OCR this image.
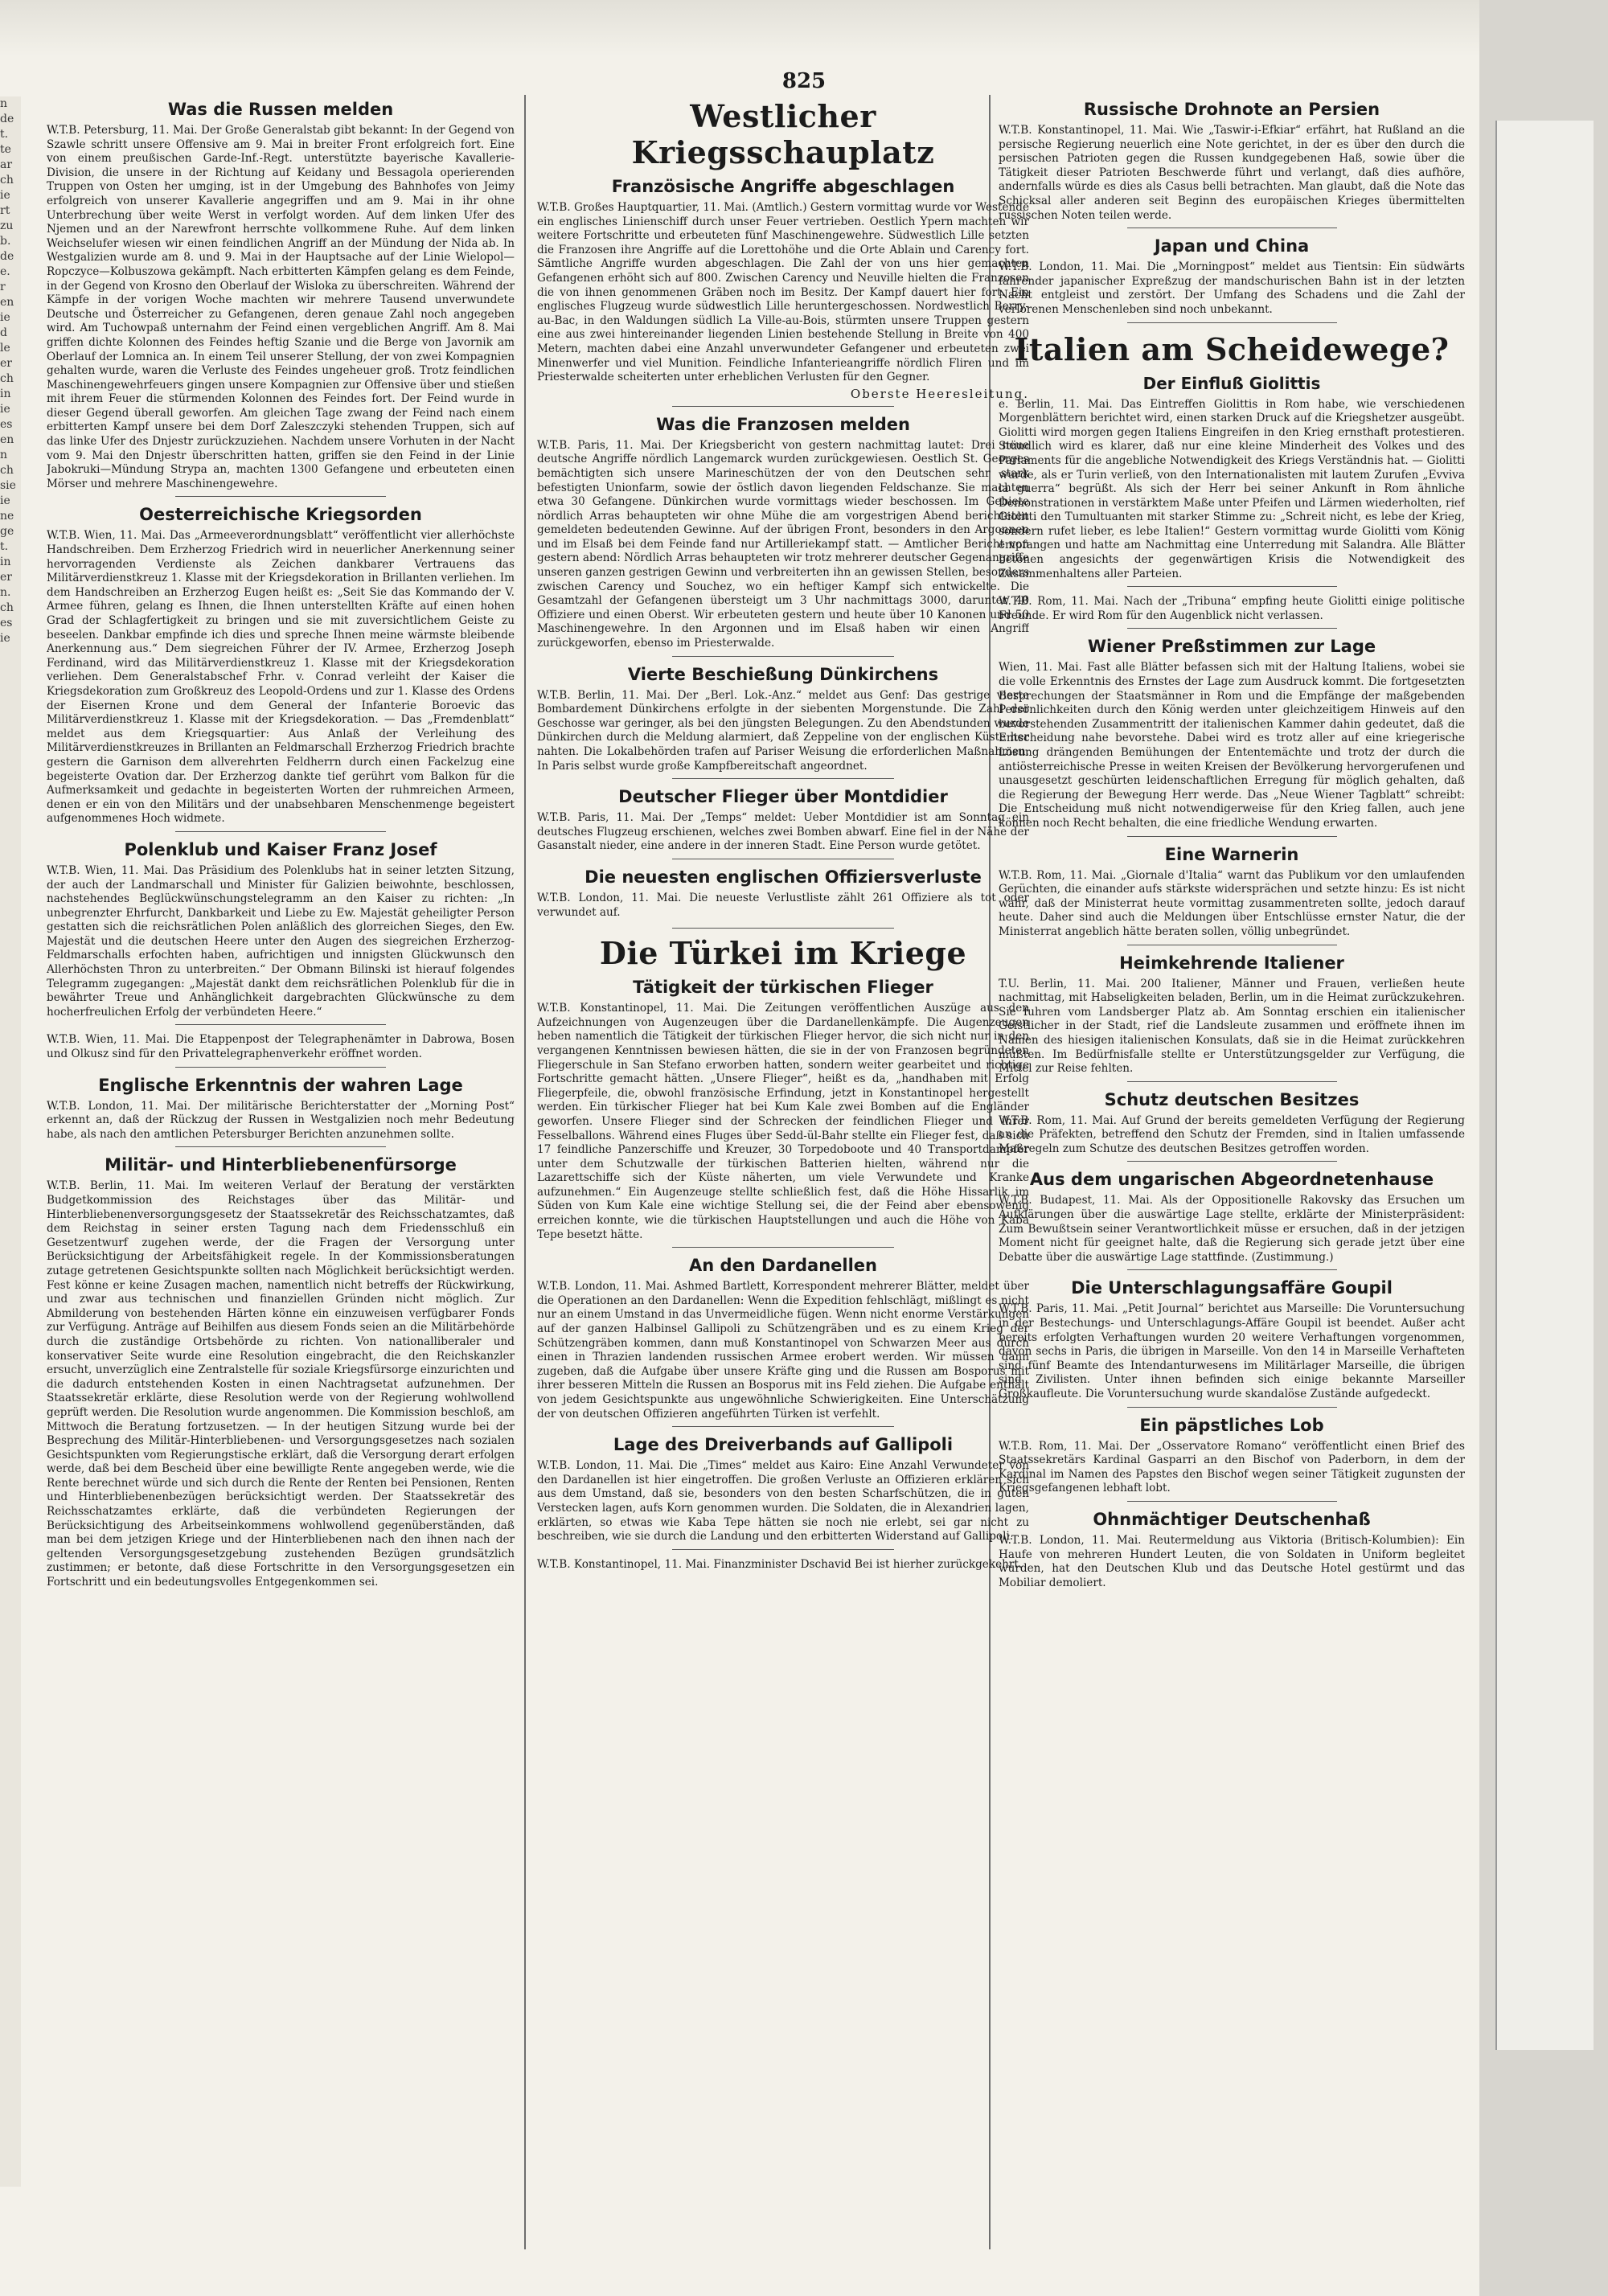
n
de
t.
te
ar
ch
ie
rt
zu
b.
de
e.
r
en
ie
d
le
er
ch
in
ie
es
en
n
ch
sie
ie
ne
ge
t.
in
er
n.
ch
es
ie
825
Was die Russen melden

W.T.B. Petersburg, 11. Mai. Der Große Generalstab gibt bekannt: In der Gegend von Szawle schritt unsere Offensive am 9. Mai in breiter Front erfolgreich fort. Eine von einem preußischen Garde-Inf.-Regt. unterstützte bayerische Kavallerie-Division, die unsere in der Richtung auf Keidany und Bessagola operierenden Truppen von Osten her umging, ist in der Umgebung des Bahnhofes von Jeimy erfolgreich von unserer Kavallerie angegriffen und am 9. Mai in ihr ohne Unterbrechung über weite Werst in verfolgt worden. Auf dem linken Ufer des Njemen und an der Narewfront herrschte vollkommene Ruhe. Auf dem linken Weichselufer wiesen wir einen feindlichen Angriff an der Mündung der Nida ab. In Westgalizien wurde am 8. und 9. Mai in der Hauptsache auf der Linie Wielopol—Ropczyce—Kolbuszowa gekämpft. Nach erbitterten Kämpfen gelang es dem Feinde, in der Gegend von Krosno den Oberlauf der Wisloka zu überschreiten. Während der Kämpfe in der vorigen Woche machten wir mehrere Tausend unverwundete Deutsche und Österreicher zu Gefangenen, deren genaue Zahl noch angegeben wird. Am Tuchowpaß unternahm der Feind einen vergeblichen Angriff. Am 8. Mai griffen dichte Kolonnen des Feindes heftig Szanie und die Berge von Javornik am Oberlauf der Lomnica an. In einem Teil unserer Stellung, der von zwei Kompagnien gehalten wurde, waren die Verluste des Feindes ungeheuer groß. Trotz feindlichen Maschinengewehrfeuers gingen unsere Kompagnien zur Offensive über und stießen mit ihrem Feuer die stürmenden Kolonnen des Feindes fort. Der Feind wurde in dieser Gegend überall geworfen. Am gleichen Tage zwang der Feind nach einem erbitterten Kampf unsere bei dem Dorf Zaleszczyki stehenden Truppen, sich auf das linke Ufer des Dnjestr zurückzuziehen. Nachdem unsere Vorhuten in der Nacht vom 9. Mai den Dnjestr überschritten hatten, griffen sie den Feind in der Linie Jabokruki—Mündung Strypa an, machten 1300 Gefangene und erbeuteten einen Mörser und mehrere Maschinengewehre.

Oesterreichische Kriegsorden

W.T.B. Wien, 11. Mai. Das „Armeeverordnungsblatt“ veröffentlicht vier allerhöchste Handschreiben. Dem Erzherzog Friedrich wird in neuerlicher Anerkennung seiner hervorragenden Verdienste als Zeichen dankbarer Vertrauens das Militärverdienstkreuz 1. Klasse mit der Kriegsdekoration in Brillanten verliehen. Im dem Handschreiben an Erzherzog Eugen heißt es: „Seit Sie das Kommando der V. Armee führen, gelang es Ihnen, die Ihnen unterstellten Kräfte auf einen hohen Grad der Schlagfertigkeit zu bringen und sie mit zuversichtlichem Geiste zu beseelen. Dankbar empfinde ich dies und spreche Ihnen meine wärmste bleibende Anerkennung aus.“ Dem siegreichen Führer der IV. Armee, Erzherzog Joseph Ferdinand, wird das Militärverdienstkreuz 1. Klasse mit der Kriegsdekoration verliehen. Dem Generalstabschef Frhr. v. Conrad verleiht der Kaiser die Kriegsdekoration zum Großkreuz des Leopold-Ordens und zur 1. Klasse des Ordens der Eisernen Krone und dem General der Infanterie Boroevic das Militärverdienstkreuz 1. Klasse mit der Kriegsdekoration. — Das „Fremdenblatt“ meldet aus dem Kriegsquartier: Aus Anlaß der Verleihung des Militärverdienstkreuzes in Brillanten an Feldmarschall Erzherzog Friedrich brachte gestern die Garnison dem allverehrten Feldherrn durch einen Fackelzug eine begeisterte Ovation dar. Der Erzherzog dankte tief gerührt vom Balkon für die Aufmerksamkeit und gedachte in begeisterten Worten der ruhmreichen Armeen, denen er ein von den Militärs und der unabsehbaren Menschenmenge begeistert aufgenommenes Hoch widmete.

Polenklub und Kaiser Franz Josef

W.T.B. Wien, 11. Mai. Das Präsidium des Polenklubs hat in seiner letzten Sitzung, der auch der Landmarschall und Minister für Galizien beiwohnte, beschlossen, nachstehendes Beglückwünschungstelegramm an den Kaiser zu richten: „In unbegrenzter Ehrfurcht, Dankbarkeit und Liebe zu Ew. Majestät geheiligter Person gestatten sich die reichsrätlichen Polen anläßlich des glorreichen Sieges, den Ew. Majestät und die deutschen Heere unter den Augen des siegreichen Erzherzog-Feldmarschalls erfochten haben, aufrichtigen und innigsten Glückwunsch den Allerhöchsten Thron zu unterbreiten.“ Der Obmann Bilinski ist hierauf folgendes Telegramm zugegangen: „Majestät dankt dem reichsrätlichen Polenklub für die in bewährter Treue und Anhänglichkeit dargebrachten Glückwünsche zu dem hocherfreulichen Erfolg der verbündeten Heere.“

W.T.B. Wien, 11. Mai. Die Etappenpost der Telegraphenämter in Dabrowa, Bosen und Olkusz sind für den Privattelegraphenverkehr eröffnet worden.

Englische Erkenntnis der wahren Lage

W.T.B. London, 11. Mai. Der militärische Berichterstatter der „Morning Post“ erkennt an, daß der Rückzug der Russen in Westgalizien noch mehr Bedeutung habe, als nach den amtlichen Petersburger Berichten anzunehmen sollte.

Militär- und Hinterbliebenenfürsorge

W.T.B. Berlin, 11. Mai. Im weiteren Verlauf der Beratung der verstärkten Budgetkommission des Reichstages über das Militär- und Hinterbliebenenversorgungsgesetz der Staatssekretär des Reichsschatzamtes, daß dem Reichstag in seiner ersten Tagung nach dem Friedensschluß ein Gesetzentwurf zugehen werde, der die Fragen der Versorgung unter Berücksichtigung der Arbeitsfähigkeit regele. In der Kommissionsberatungen zutage getretenen Gesichtspunkte sollten nach Möglichkeit berücksichtigt werden. Fest könne er keine Zusagen machen, namentlich nicht betreffs der Rückwirkung, und zwar aus technischen und finanziellen Gründen nicht möglich. Zur Abmilderung von bestehenden Härten könne ein einzuweisen verfügbarer Fonds zur Verfügung. Anträge auf Beihilfen aus diesem Fonds seien an die Militärbehörde durch die zuständige Ortsbehörde zu richten. Von nationalliberaler und konservativer Seite wurde eine Resolution eingebracht, die den Reichskanzler ersucht, unverzüglich eine Zentralstelle für soziale Kriegsfürsorge einzurichten und die dadurch entstehenden Kosten in einen Nachtragsetat aufzunehmen. Der Staatssekretär erklärte, diese Resolution werde von der Regierung wohlwollend geprüft werden. Die Resolution wurde angenommen. Die Kommission beschloß, am Mittwoch die Beratung fortzusetzen. — In der heutigen Sitzung wurde bei der Besprechung des Militär-Hinterbliebenen- und Versorgungsgesetzes nach sozialen Gesichtspunkten vom Regierungstische erklärt, daß die Versorgung derart erfolgen werde, daß bei dem Bescheid über eine bewilligte Rente angegeben werde, wie die Rente berechnet würde und sich durch die Rente der Renten bei Pensionen, Renten und Hinterbliebenenbezügen berücksichtigt werden. Der Staatssekretär des Reichsschatzamtes erklärte, daß die verbündeten Regierungen der Berücksichtigung des Arbeitseinkommens wohlwollend gegenüberständen, daß man bei dem jetzigen Kriege und der Hinterbliebenen nach den ihnen nach der geltenden Versorgungsgesetzgebung zustehenden Bezügen grundsätzlich zustimmen; er betonte, daß diese Fortschritte in den Versorgungsgesetzen ein Fortschritt und ein bedeutungsvolles Entgegenkommen sei.

Westlicher Kriegsschauplatz
Französische Angriffe abgeschlagen

W.T.B. Großes Hauptquartier, 11. Mai. (Amtlich.) Gestern vormittag wurde vor Westende ein englisches Linienschiff durch unser Feuer vertrieben. Oestlich Ypern machten wir weitere Fortschritte und erbeuteten fünf Maschinengewehre. Südwestlich Lille setzten die Franzosen ihre Angriffe auf die Lorettohöhe und die Orte Ablain und Carency fort. Sämtliche Angriffe wurden abgeschlagen. Die Zahl der von uns hier gemachten Gefangenen erhöht sich auf 800. Zwischen Carency und Neuville hielten die Franzosen die von ihnen genommenen Gräben noch im Besitz. Der Kampf dauert hier fort. Ein englisches Flugzeug wurde südwestlich Lille heruntergeschossen. Nordwestlich Berry-au-Bac, in den Waldungen südlich La Ville-au-Bois, stürmten unsere Truppen gestern eine aus zwei hintereinander liegenden Linien bestehende Stellung in Breite von 400 Metern, machten dabei eine Anzahl unverwundeter Gefangener und erbeuteten zwei Minenwerfer und viel Munition. Feindliche Infanterieangriffe nördlich Fliren und im Priesterwalde scheiterten unter erheblichen Verlusten für den Gegner.

Oberste Heeresleitung.
Was die Franzosen melden

W.T.B. Paris, 11. Mai. Der Kriegsbericht von gestern nachmittag lautet: Drei neue deutsche Angriffe nördlich Langemarck wurden zurückgewiesen. Oestlich St. Georges bemächtigten sich unsere Marineschützen der von den Deutschen sehr stark befestigten Unionfarm, sowie der östlich davon liegenden Feldschanze. Sie machten etwa 30 Gefangene. Dünkirchen wurde vormittags wieder beschossen. Im Gebiete nördlich Arras behaupteten wir ohne Mühe die am vorgestrigen Abend berichteten gemeldeten bedeutenden Gewinne. Auf der übrigen Front, besonders in den Argonnen und im Elsaß bei dem Feinde fand nur Artilleriekampf statt. — Amtlicher Bericht von gestern abend: Nördlich Arras behaupteten wir trotz mehrerer deutscher Gegenangriffe unseren ganzen gestrigen Gewinn und verbreiterten ihn an gewissen Stellen, besonders zwischen Carency und Souchez, wo ein heftiger Kampf sich entwickelte. Die Gesamtzahl der Gefangenen übersteigt um 3 Uhr nachmittags 3000, darunter 40 Offiziere und einen Oberst. Wir erbeuteten gestern und heute über 10 Kanonen und 50 Maschinengewehre. In den Argonnen und im Elsaß haben wir einen Angriff zurückgeworfen, ebenso im Priesterwalde.

Vierte Beschießung Dünkirchens

W.T.B. Berlin, 11. Mai. Der „Berl. Lok.-Anz.“ meldet aus Genf: Das gestrige vierte Bombardement Dünkirchens erfolgte in der siebenten Morgenstunde. Die Zahl der Geschosse war geringer, als bei den jüngsten Belegungen. Zu den Abendstunden wurde Dünkirchen durch die Meldung alarmiert, daß Zeppeline von der englischen Küste her nahten. Die Lokalbehörden trafen auf Pariser Weisung die erforderlichen Maßnahmen. In Paris selbst wurde große Kampfbereitschaft angeordnet.

Deutscher Flieger über Montdidier

W.T.B. Paris, 11. Mai. Der „Temps“ meldet: Ueber Montdidier ist am Sonntag ein deutsches Flugzeug erschienen, welches zwei Bomben abwarf. Eine fiel in der Nähe der Gasanstalt nieder, eine andere in der inneren Stadt. Eine Person wurde getötet.

Die neuesten englischen Offiziersverluste

W.T.B. London, 11. Mai. Die neueste Verlustliste zählt 261 Offiziere als tot oder verwundet auf.

Die Türkei im Kriege
Tätigkeit der türkischen Flieger

W.T.B. Konstantinopel, 11. Mai. Die Zeitungen veröffentlichen Auszüge aus den Aufzeichnungen von Augenzeugen über die Dardanellenkämpfe. Die Augenzeugen heben namentlich die Tätigkeit der türkischen Flieger hervor, die sich nicht nur in den vergangenen Kenntnissen bewiesen hätten, die sie in der von Franzosen begründeten Fliegerschule in San Stefano erworben hatten, sondern weiter gearbeitet und richtige Fortschritte gemacht hätten. „Unsere Flieger“, heißt es da, „handhaben mit Erfolg Fliegerpfeile, die, obwohl französische Erfindung, jetzt in Konstantinopel hergestellt werden. Ein türkischer Flieger hat bei Kum Kale zwei Bomben auf die Engländer geworfen. Unsere Flieger sind der Schrecken der feindlichen Flieger und ihrer Fesselballons. Während eines Fluges über Sedd-ül-Bahr stellte ein Flieger fest, daß sich 17 feindliche Panzerschiffe und Kreuzer, 30 Torpedoboote und 40 Transportdampfer unter dem Schutzwalle der türkischen Batterien hielten, während nur die Lazarettschiffe sich der Küste näherten, um viele Verwundete und Kranke aufzunehmen.“ Ein Augenzeuge stellte schließlich fest, daß die Höhe Hissarlik im Süden von Kum Kale eine wichtige Stellung sei, die der Feind aber ebensowenig erreichen konnte, wie die türkischen Hauptstellungen und auch die Höhe von Kaba Tepe besetzt hätte.

An den Dardanellen

W.T.B. London, 11. Mai. Ashmed Bartlett, Korrespondent mehrerer Blätter, meldet über die Operationen an den Dardanellen: Wenn die Expedition fehlschlägt, mißlingt es nicht nur an einem Umstand in das Unvermeidliche fügen. Wenn nicht enorme Verstärkungen auf der ganzen Halbinsel Gallipoli zu Schützengräben und es zu einem Krieg der Schützengräben kommen, dann muß Konstantinopel von Schwarzen Meer aus durch einen in Thrazien landenden russischen Armee erobert werden. Wir müssen dann zugeben, daß die Aufgabe über unsere Kräfte ging und die Russen am Bosporus mit ihrer besseren Mitteln die Russen an Bosporus mit ins Feld ziehen. Die Aufgabe enthält von jedem Gesichtspunkte aus ungewöhnliche Schwierigkeiten. Eine Unterschätzung der von deutschen Offizieren angeführten Türken ist verfehlt.

Lage des Dreiverbands auf Gallipoli

W.T.B. London, 11. Mai. Die „Times“ meldet aus Kairo: Eine Anzahl Verwundeter von den Dardanellen ist hier eingetroffen. Die großen Verluste an Offizieren erklären sich aus dem Umstand, daß sie, besonders von den besten Scharfschützen, die in guten Verstecken lagen, aufs Korn genommen wurden. Die Soldaten, die in Alexandrien lagen, erklärten, so etwas wie Kaba Tepe hätten sie noch nie erlebt, sei gar nicht zu beschreiben, wie sie durch die Landung und den erbitterten Widerstand auf Gallipoli.

W.T.B. Konstantinopel, 11. Mai. Finanzminister Dschavid Bei ist hierher zurückgekehrt.

Russische Drohnote an Persien

W.T.B. Konstantinopel, 11. Mai. Wie „Taswir-i-Efkiar“ erfährt, hat Rußland an die persische Regierung neuerlich eine Note gerichtet, in der es über den durch die persischen Patrioten gegen die Russen kundgegebenen Haß, sowie über die Tätigkeit dieser Patrioten Beschwerde führt und verlangt, daß dies aufhöre, andernfalls würde es dies als Casus belli betrachten. Man glaubt, daß die Note das Schicksal aller anderen seit Beginn des europäischen Krieges übermittelten russischen Noten teilen werde.

Japan und China

W.T.B. London, 11. Mai. Die „Morningpost“ meldet aus Tientsin: Ein südwärts fahrender japanischer Expreßzug der mandschurischen Bahn ist in der letzten Nacht entgleist und zerstört. Der Umfang des Schadens und die Zahl der verlorenen Menschenleben sind noch unbekannt.

Italien am Scheidewege?
Der Einfluß Giolittis

e. Berlin, 11. Mai. Das Eintreffen Giolittis in Rom habe, wie verschiedenen Morgenblättern berichtet wird, einen starken Druck auf die Kriegshetzer ausgeübt. Giolitti wird morgen gegen Italiens Eingreifen in den Krieg ernsthaft protestieren. Stündlich wird es klarer, daß nur eine kleine Minderheit des Volkes und des Parlaments für die angebliche Notwendigkeit des Kriegs Verständnis hat. — Giolitti wurde, als er Turin verließ, von den Internationalisten mit lautem Zurufen „Evviva la guerra“ begrüßt. Als sich der Herr bei seiner Ankunft in Rom ähnliche Demonstrationen in verstärktem Maße unter Pfeifen und Lärmen wiederholten, rief Giolitti den Tumultuanten mit starker Stimme zu: „Schreit nicht, es lebe der Krieg, sondern rufet lieber, es lebe Italien!“ Gestern vormittag wurde Giolitti vom König empfangen und hatte am Nachmittag eine Unterredung mit Salandra. Alle Blätter betonen angesichts der gegenwärtigen Krisis die Notwendigkeit des Zusammenhaltens aller Parteien.

W.T.B. Rom, 11. Mai. Nach der „Tribuna“ empfing heute Giolitti einige politische Freunde. Er wird Rom für den Augenblick nicht verlassen.

Wiener Preßstimmen zur Lage

Wien, 11. Mai. Fast alle Blätter befassen sich mit der Haltung Italiens, wobei sie die volle Erkenntnis des Ernstes der Lage zum Ausdruck kommt. Die fortgesetzten Besprechungen der Staatsmänner in Rom und die Empfänge der maßgebenden Persönlichkeiten durch den König werden unter gleichzeitigem Hinweis auf den bevorstehenden Zusammentritt der italienischen Kammer dahin gedeutet, daß die Entscheidung nahe bevorstehe. Dabei wird es trotz aller auf eine kriegerische Lösung drängenden Bemühungen der Ententemächte und trotz der durch die antiösterreichische Presse in weiten Kreisen der Bevölkerung hervorgerufenen und unausgesetzt geschürten leidenschaftlichen Erregung für möglich gehalten, daß die Regierung der Bewegung Herr werde. Das „Neue Wiener Tagblatt“ schreibt: Die Entscheidung muß nicht notwendigerweise für den Krieg fallen, auch jene können noch Recht behalten, die eine friedliche Wendung erwarten.

Eine Warnerin

W.T.B. Rom, 11. Mai. „Giornale d'Italia“ warnt das Publikum vor den umlaufenden Gerüchten, die einander aufs stärkste widersprächen und setzte hinzu: Es ist nicht wahr, daß der Ministerrat heute vormittag zusammentreten sollte, jedoch darauf heute. Daher sind auch die Meldungen über Entschlüsse ernster Natur, die der Ministerrat angeblich hätte beraten sollen, völlig unbegründet.

Heimkehrende Italiener

T.U. Berlin, 11. Mai. 200 Italiener, Männer und Frauen, verließen heute nachmittag, mit Habseligkeiten beladen, Berlin, um in die Heimat zurückzukehren. Sie fuhren vom Landsberger Platz ab. Am Sonntag erschien ein italienischer Geistlicher in der Stadt, rief die Landsleute zusammen und eröffnete ihnen im Namen des hiesigen italienischen Konsulats, daß sie in die Heimat zurückkehren müßten. Im Bedürfnisfalle stellte er Unterstützungsgelder zur Verfügung, die Mittel zur Reise fehlten.

Schutz deutschen Besitzes

W.T.B. Rom, 11. Mai. Auf Grund der bereits gemeldeten Verfügung der Regierung an die Präfekten, betreffend den Schutz der Fremden, sind in Italien umfassende Maßregeln zum Schutze des deutschen Besitzes getroffen worden.

Aus dem ungarischen Abgeordnetenhause

W.T.B. Budapest, 11. Mai. Als der Oppositionelle Rakovsky das Ersuchen um Aufklärungen über die auswärtige Lage stellte, erklärte der Ministerpräsident: Zum Bewußtsein seiner Verantwortlichkeit müsse er ersuchen, daß in der jetzigen Moment nicht für geeignet halte, daß die Regierung sich gerade jetzt über eine Debatte über die auswärtige Lage stattfinde. (Zustimmung.)

Die Unterschlagungsaffäre Goupil

W.T.B. Paris, 11. Mai. „Petit Journal“ berichtet aus Marseille: Die Voruntersuchung in der Bestechungs- und Unterschlagungs-Affäre Goupil ist beendet. Außer acht bereits erfolgten Verhaftungen wurden 20 weitere Verhaftungen vorgenommen, davon sechs in Paris, die übrigen in Marseille. Von den 14 in Marseille Verhafteten sind fünf Beamte des Intendanturwesens im Militärlager Marseille, die übrigen sind Zivilisten. Unter ihnen befinden sich einige bekannte Marseiller Großkaufleute. Die Voruntersuchung wurde skandalöse Zustände aufgedeckt.

Ein päpstliches Lob

W.T.B. Rom, 11. Mai. Der „Osservatore Romano“ veröffentlicht einen Brief des Staatssekretärs Kardinal Gasparri an den Bischof von Paderborn, in dem der Kardinal im Namen des Papstes den Bischof wegen seiner Tätigkeit zugunsten der Kriegsgefangenen lebhaft lobt.

Ohnmächtiger Deutschenhaß

W.T.B. London, 11. Mai. Reutermeldung aus Viktoria (Britisch-Kolumbien): Ein Haufe von mehreren Hundert Leuten, die von Soldaten in Uniform begleitet wurden, hat den Deutschen Klub und das Deutsche Hotel gestürmt und das Mobiliar demoliert.
